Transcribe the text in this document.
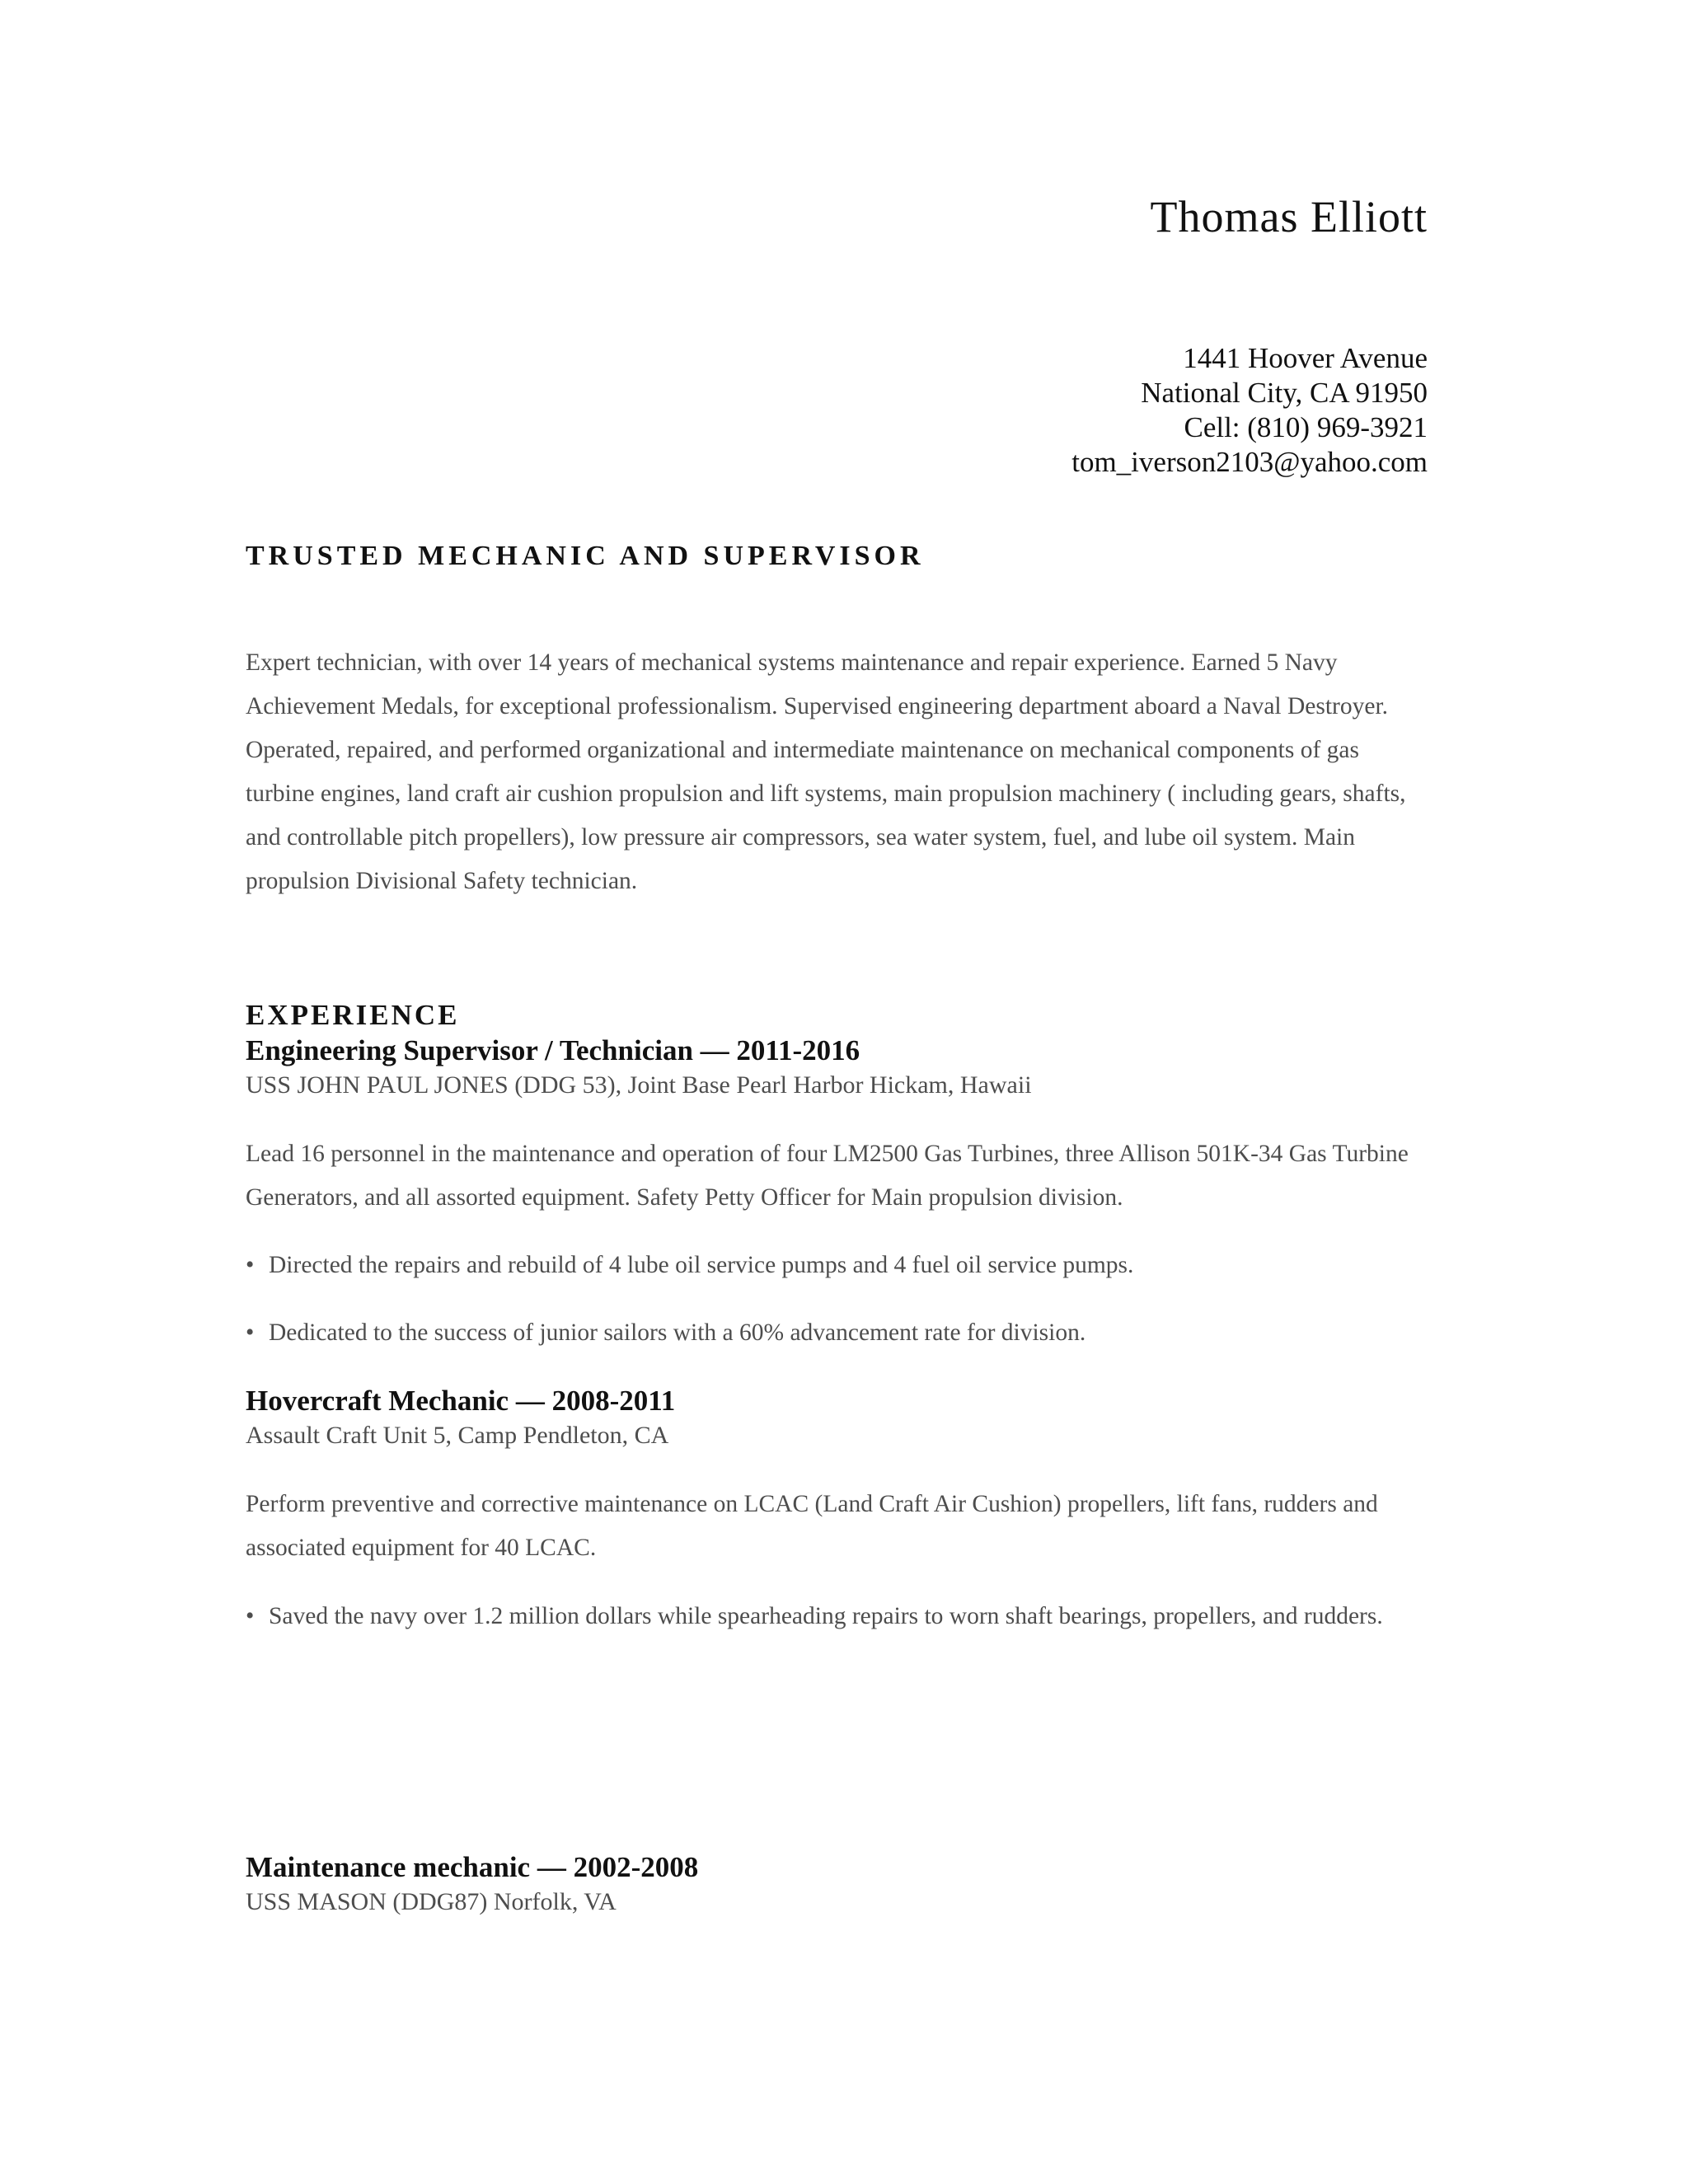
Thomas Elliott
1441 Hoover Avenue
National City, CA 91950
Cell: (810) 969-3921
tom_iverson2103@yahoo.com
TRUSTED MECHANIC AND SUPERVISOR
Expert technician, with over 14 years of mechanical systems maintenance and repair experience. Earned 5 Navy Achievement Medals, for exceptional professionalism. Supervised engineering department aboard a Naval Destroyer. Operated, repaired, and performed organizational and intermediate maintenance on mechanical components of gas turbine engines, land craft air cushion propulsion and lift systems, main propulsion machinery ( including gears, shafts, and controllable pitch propellers), low pressure air compressors, sea water system, fuel, and lube oil system. Main propulsion Divisional Safety technician.
EXPERIENCE
Engineering Supervisor / Technician — 2011-2016
USS JOHN PAUL JONES (DDG 53), Joint Base Pearl Harbor Hickam, Hawaii
Lead 16 personnel in the maintenance and operation of four LM2500 Gas Turbines, three Allison 501K-34 Gas Turbine Generators, and all assorted equipment. Safety Petty Officer for Main propulsion division.
• Directed the repairs and rebuild of 4 lube oil service pumps and 4 fuel oil service pumps.
• Dedicated to the success of junior sailors with a 60% advancement rate for division.
Hovercraft Mechanic — 2008-2011
Assault Craft Unit 5, Camp Pendleton, CA
Perform preventive and corrective maintenance on LCAC (Land Craft Air Cushion) propellers, lift fans, rudders and associated equipment for 40 LCAC.
• Saved the navy over 1.2 million dollars while spearheading repairs to worn shaft bearings, propellers, and rudders.
Maintenance mechanic — 2002-2008
USS MASON (DDG87) Norfolk, VA
